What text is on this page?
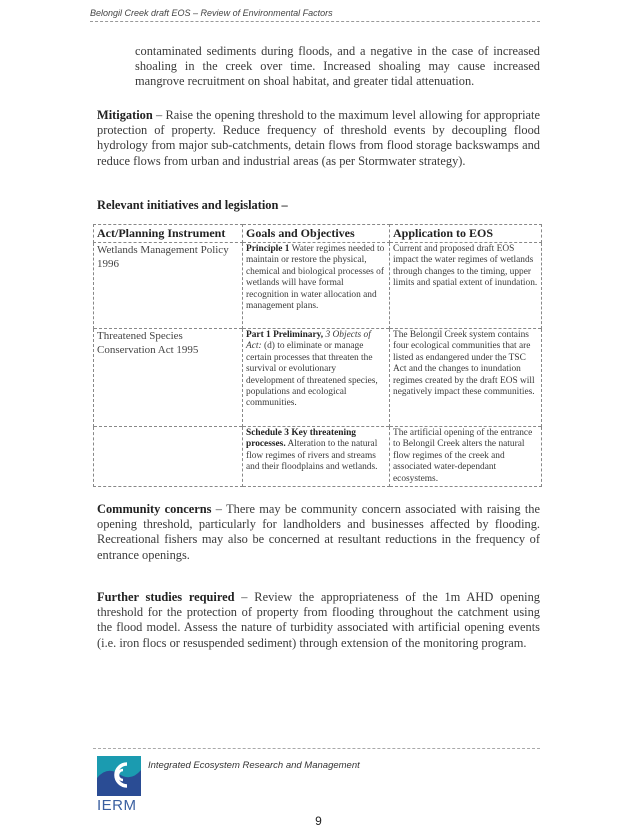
Belongil Creek draft EOS – Review of Environmental Factors

contaminated sediments during floods, and a negative in the case of increased shoaling in the creek over time. Increased shoaling may cause increased mangrove recruitment on shoal habitat, and greater tidal attenuation.

Mitigation – Raise the opening threshold to the maximum level allowing for appropriate protection of property. Reduce frequency of threshold events by decoupling flood hydrology from major sub-catchments, detain flows from flood storage backswamps and reduce flows from urban and industrial areas (as per Stormwater strategy).

Relevant initiatives and legislation –

Act/Planning Instrument	Goals and Objectives	Application to EOS
Wetlands Management Policy 1996	Principle 1 Water regimes needed to maintain or restore the physical, chemical and biological processes of wetlands will have formal recognition in water allocation and management plans.	Current and proposed draft EOS impact the water regimes of wetlands through changes to the timing, upper limits and spatial extent of inundation.
Threatened Species Conservation Act 1995	Part 1 Preliminary, 3 Objects of Act: (d) to eliminate or manage certain processes that threaten the survival or evolutionary development of threatened species, populations and ecological communities.	The Belongil Creek system contains four ecological communities that are listed as endangered under the TSC Act and the changes to inundation regimes created by the draft EOS will negatively impact these communities.
	Schedule 3 Key threatening processes. Alteration to the natural flow regimes of rivers and streams and their floodplains and wetlands.	The artificial opening of the entrance to Belongil Creek alters the natural flow regimes of the creek and associated water-dependant ecosystems.

Community concerns – There may be community concern associated with raising the opening threshold, particularly for landholders and businesses affected by flooding. Recreational fishers may also be concerned at resultant reductions in the frequency of entrance openings.

Further studies required – Review the appropriateness of the 1m AHD opening threshold for the protection of property from flooding throughout the catchment using the flood model. Assess the nature of turbidity associated with artificial opening events (i.e. iron flocs or resuspended sediment) through extension of the monitoring program.

IERM
Integrated Ecosystem Research and Management
9
